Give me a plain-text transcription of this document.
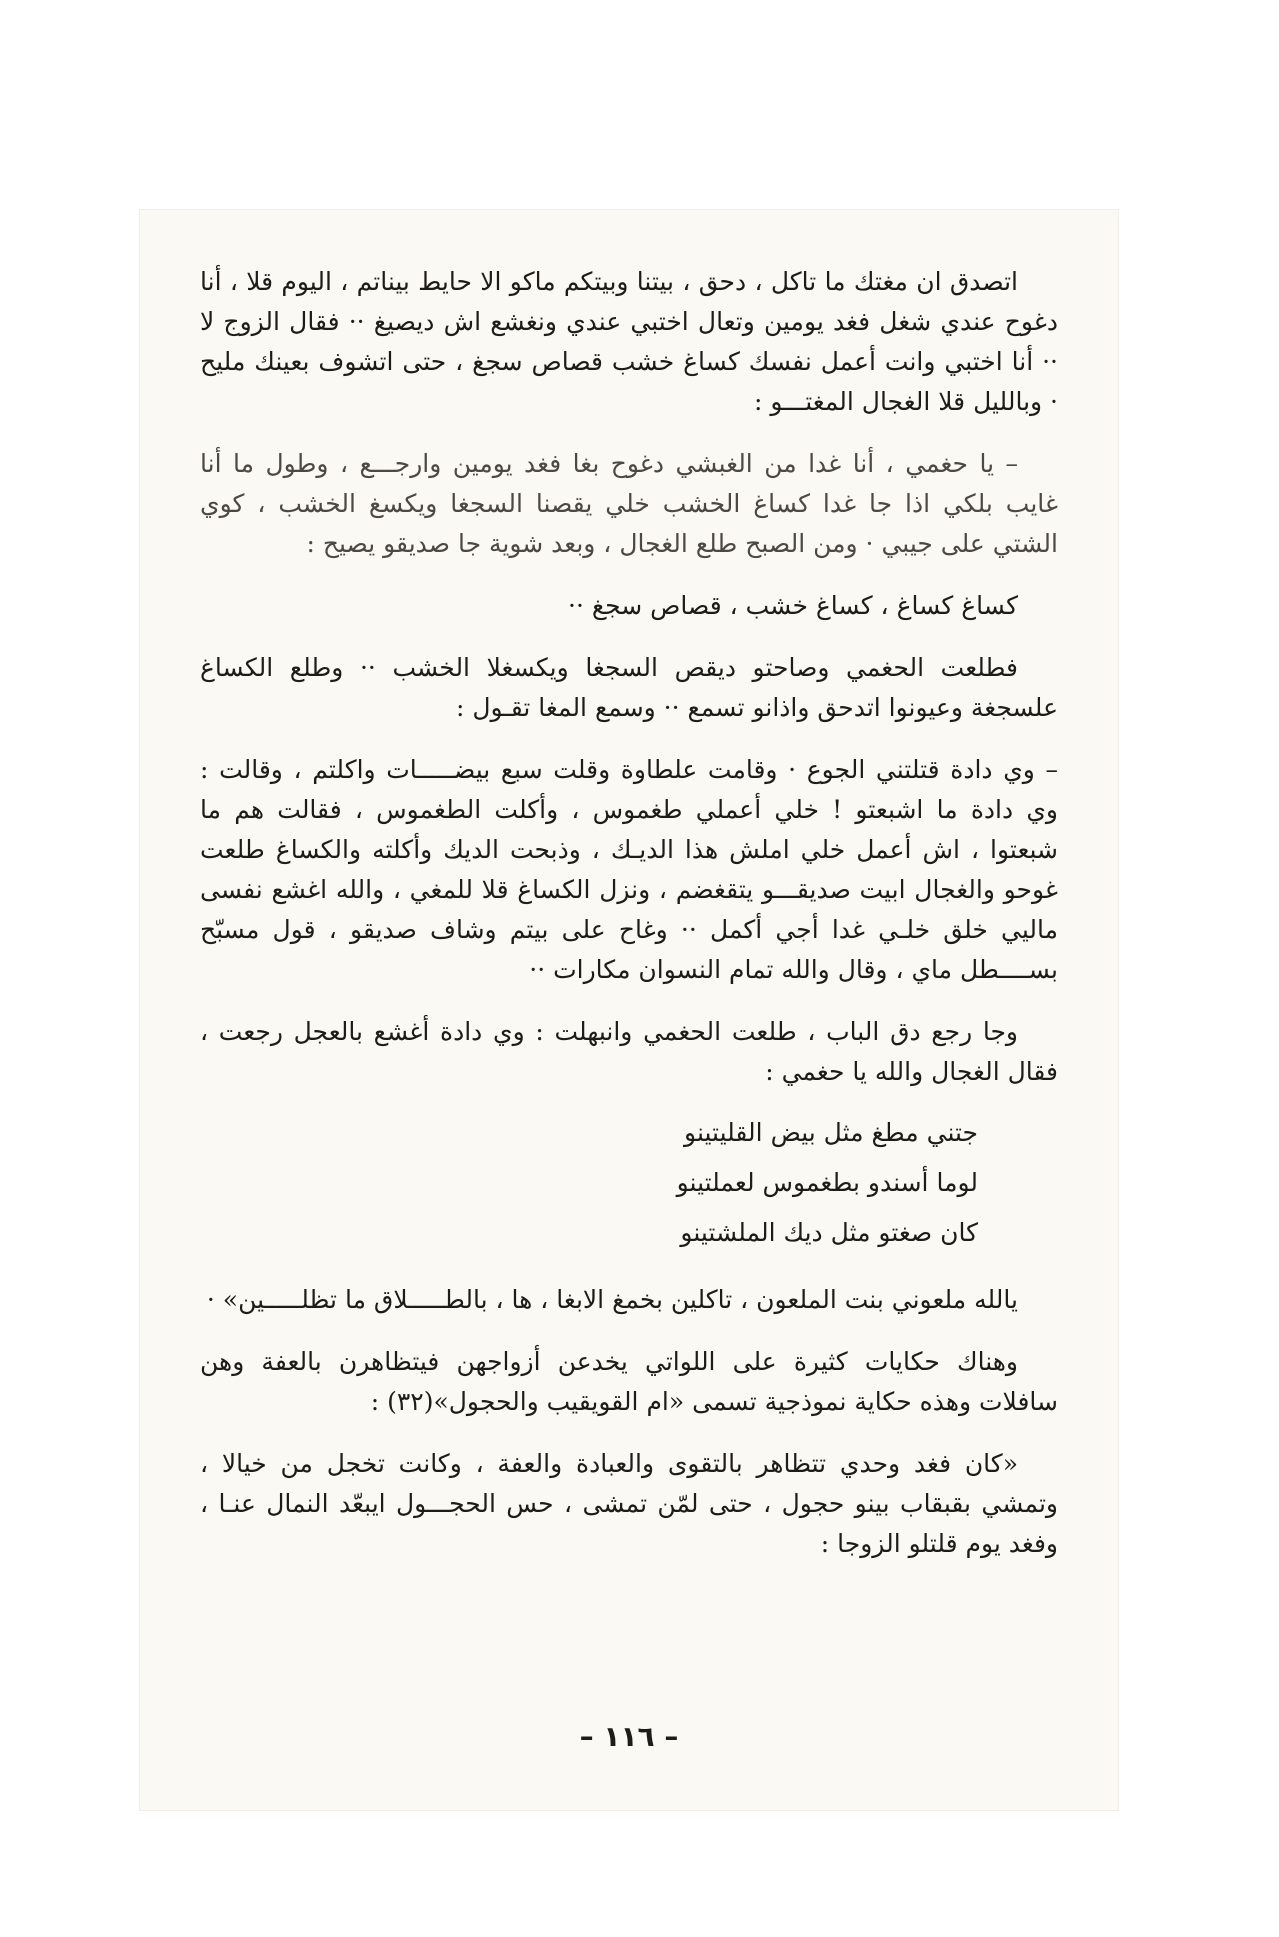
اتصدق ان مغتك ما تاكل ، دحق ، بيتنا وبيتكم ماكو الا حايط بيناتم ، اليوم قلا ، أنا دغوح عندي شغل فغد يومين وتعال اختبي عندي ونغشع اش ديصيغ ·· فقال الزوج لا ·· أنا اختبي وانت أعمل نفسك كساغ خشب قصاص سجغ ، حتى اتشوف بعينك مليح · وبالليل قلا الغجال المغتـــو :

– يا حغمي ، أنا غدا من الغبشي دغوح بغا فغد يومين وارجـــع ، وطول ما أنا غايب بلكي اذا جا غدا كساغ الخشب خلي يقصنا السجغا ويكسغ الخشب ، كوي الشتي على جيبي · ومن الصبح طلع الغجال ، وبعد شوية جا صديقو يصيح :

كساغ كساغ ، كساغ خشب ، قصاص سجغ ··

فطلعت الحغمي وصاحتو ديقص السجغا ويكسغلا الخشب ·· وطلع الكساغ علسجغة وعيونوا اتدحق واذانو تسمع ·· وسمع المغا تقـول :

– وي دادة قتلتني الجوع · وقامت علطاوة وقلت سبع بيضـــــات واكلتم ، وقالت : وي دادة ما اشبعتو ! خلي أعملي طغموس ، وأكلت الطغموس ، فقالت هم ما شبعتوا ، اش أعمل خلي املش هذا الديـك ، وذبحت الديك وأكلته والكساغ طلعت غوحو والغجال ابيت صديقـــو يتقغضم ، ونزل الكساغ قلا للمغي ، والله اغشع نفسى ماليي خلق خلـي غدا أجي أكمل ·· وغاح على بيتم وشاف صديقو ، قول مسبّح بســــطل ماي ، وقال والله تمام النسوان مكارات ··

وجا رجع دق الباب ، طلعت الحغمي وانبهلت : وي دادة أغشع بالعجل رجعت ، فقال الغجال والله يا حغمي :

جتني مطغ مثل بيض القليتينو
لوما أسندو بطغموس لعملتينو
كان صغتو مثل ديك الملشتينو

يالله ملعوني بنت الملعون ، تاكلين بخمغ الابغا ، ها ، بالطـــــلاق ما تظلـــــين» ·

وهناك حكايات كثيرة على اللواتي يخدعن أزواجهن فيتظاهرن بالعفة وهن سافلات وهذه حكاية نموذجية تسمى «ام القويقيب والحجول»(٣٢) :

«كان فغد وحدي تتظاهر بالتقوى والعبادة والعفة ، وكانت تخجل من خيالا ، وتمشي بقبقاب بينو حجول ، حتى لمّن تمشى ، حس الحجـــول ايبعّد النمال عنـا ، وفغد يوم قلتلو الزوجا :

– ١١٦ –
